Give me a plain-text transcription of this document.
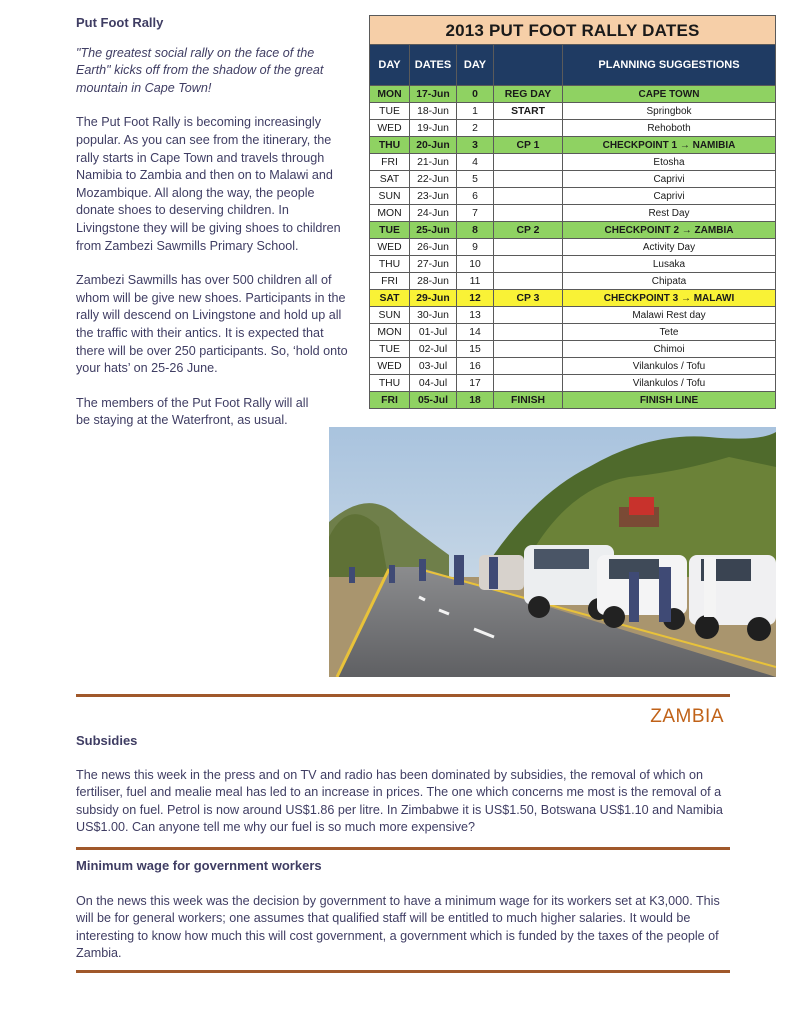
Put Foot Rally

"The greatest social rally on the face of the Earth" kicks off from the shadow of the great mountain in Cape Town!

The Put Foot Rally is becoming increasingly popular. As you can see from the itinerary, the rally starts in Cape Town and travels through Namibia to Zambia and then on to Malawi and Mozambique. All along the way, the people donate shoes to deserving children. In Livingstone they will be giving shoes to children from Zambezi Sawmills Primary School.

Zambezi Sawmills has over 500 children all of whom will be give new shoes. Participants in the rally will descend on Livingstone and hold up all the traffic with their antics. It is expected that there will be over 250 participants. So, ‘hold onto your hats’ on 25-26 June.

The members of the Put Foot Rally will all be staying at the Waterfront, as usual.

2013 PUT FOOT RALLY DATES				
DAY	DATES	DAY		PLANNING SUGGESTIONS
MON	17-Jun	0	REG DAY	CAPE TOWN
TUE	18-Jun	1	START	Springbok
WED	19-Jun	2		Rehoboth
THU	20-Jun	3	CP 1	CHECKPOINT 1 → NAMIBIA
FRI	21-Jun	4		Etosha
SAT	22-Jun	5		Caprivi
SUN	23-Jun	6		Caprivi
MON	24-Jun	7		Rest Day
TUE	25-Jun	8	CP 2	CHECKPOINT 2 → ZAMBIA
WED	26-Jun	9		Activity Day
THU	27-Jun	10		Lusaka
FRI	28-Jun	11		Chipata
SAT	29-Jun	12	CP 3	CHECKPOINT 3 → MALAWI
SUN	30-Jun	13		Malawi Rest day
MON	01-Jul	14		Tete
TUE	02-Jul	15		Chimoi
WED	03-Jul	16		Vilankulos / Tofu
THU	04-Jul	17		Vilankulos / Tofu
FRI	05-Jul	18	FINISH	FINISH LINE
ZAMBIA
Subsidies

The news this week in the press and on TV and radio has been dominated by subsidies, the removal of which on fertiliser, fuel and mealie meal has led to an increase in prices. The one which concerns me most is the removal of a subsidy on fuel. Petrol is now around US$1.86 per litre. In Zimbabwe it is US$1.50, Botswana US$1.10 and Namibia US$1.00. Can anyone tell me why our fuel is so much more expensive?

Minimum wage for government workers

On the news this week was the decision by government to have a minimum wage for its workers set at K3,000. This will be for general workers; one assumes that qualified staff will be entitled to much higher salaries. It would be interesting to know how much this will cost government, a government which is funded by the taxes of the people of Zambia.
